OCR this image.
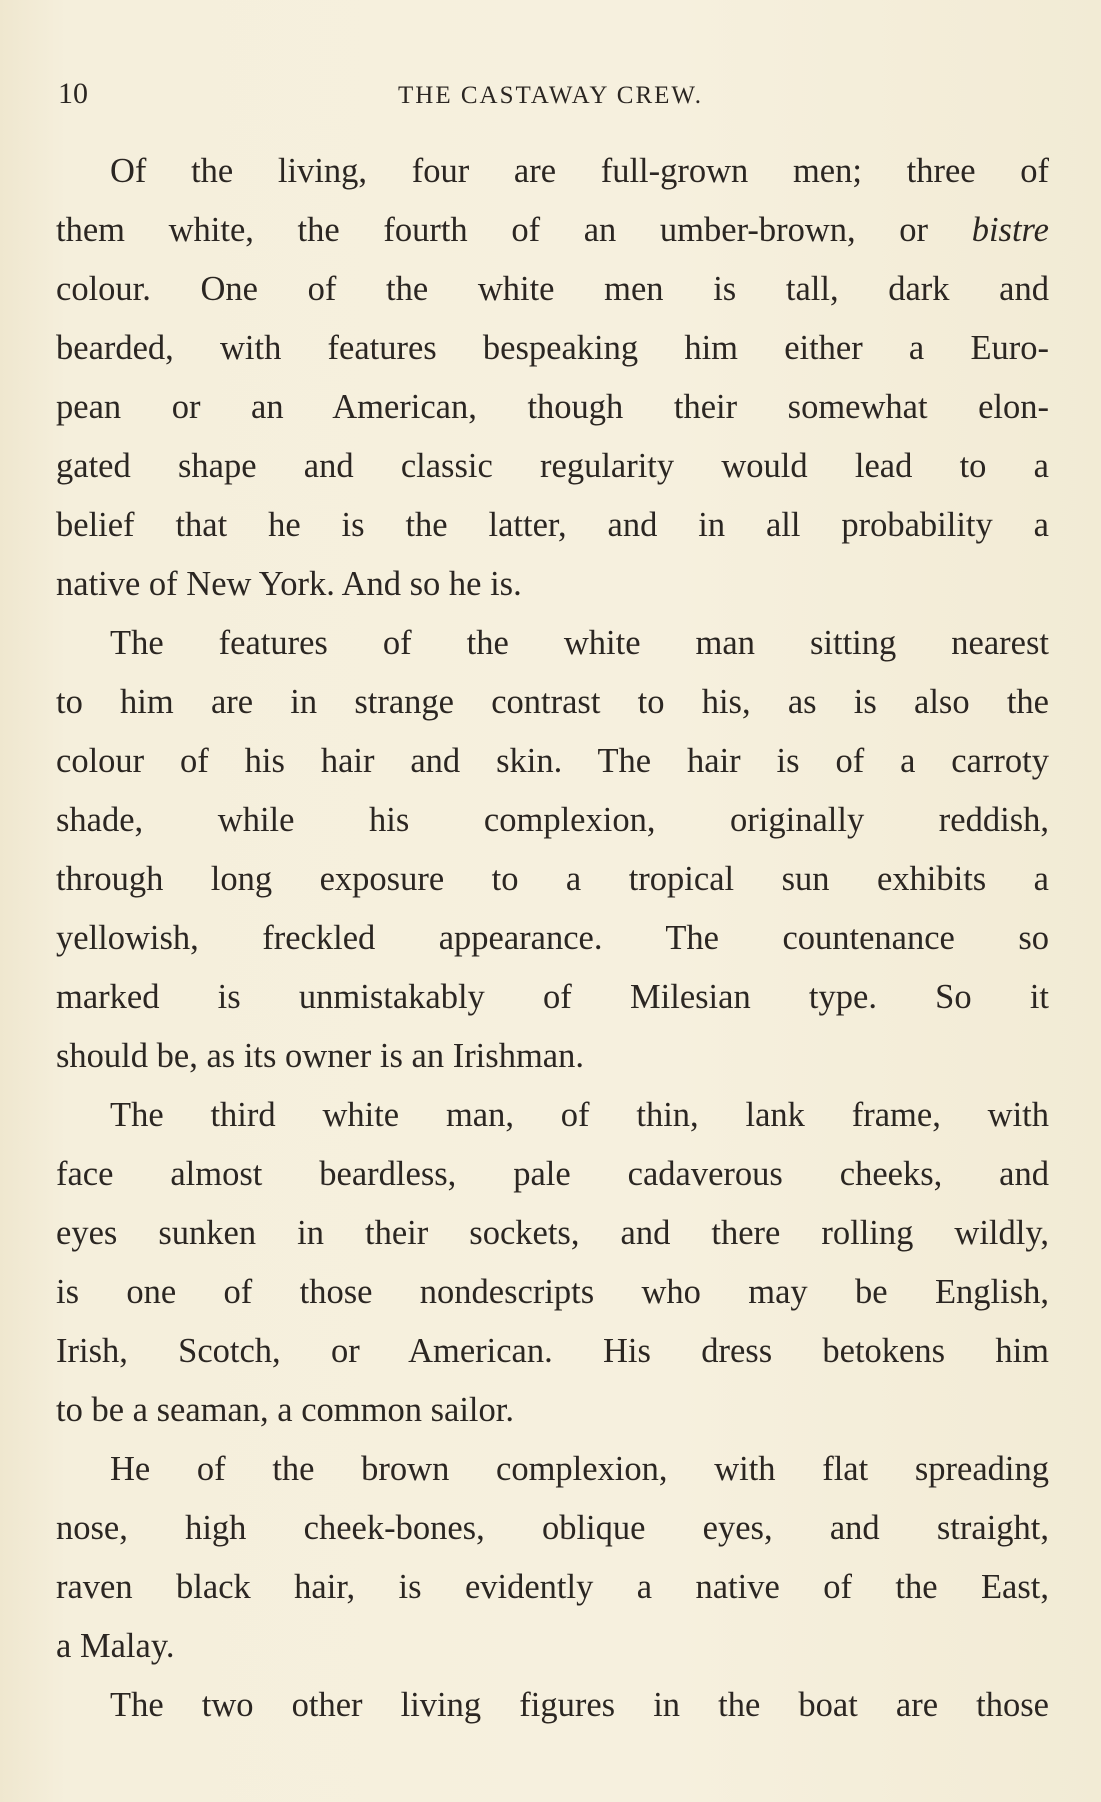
10	THE CASTAWAY CREW.
Of the living, four are full-grown men; three of
them white, the fourth of an umber-brown, or bistre
colour. One of the white men is tall, dark and
bearded, with features bespeaking him either a Euro-
pean or an American, though their somewhat elon-
gated shape and classic regularity would lead to a
belief that he is the latter, and in all probability a
native of New York. And so he is.
The features of the white man sitting nearest
to him are in strange contrast to his, as is also the
colour of his hair and skin. The hair is of a carroty
shade, while his complexion, originally reddish,
through long exposure to a tropical sun exhibits a
yellowish, freckled appearance. The countenance so
marked is unmistakably of Milesian type. So it
should be, as its owner is an Irishman.
The third white man, of thin, lank frame, with
face almost beardless, pale cadaverous cheeks, and
eyes sunken in their sockets, and there rolling wildly,
is one of those nondescripts who may be English,
Irish, Scotch, or American. His dress betokens him
to be a seaman, a common sailor.
He of the brown complexion, with flat spreading
nose, high cheek-bones, oblique eyes, and straight,
raven black hair, is evidently a native of the East,
a Malay.
The two other living figures in the boat are those
